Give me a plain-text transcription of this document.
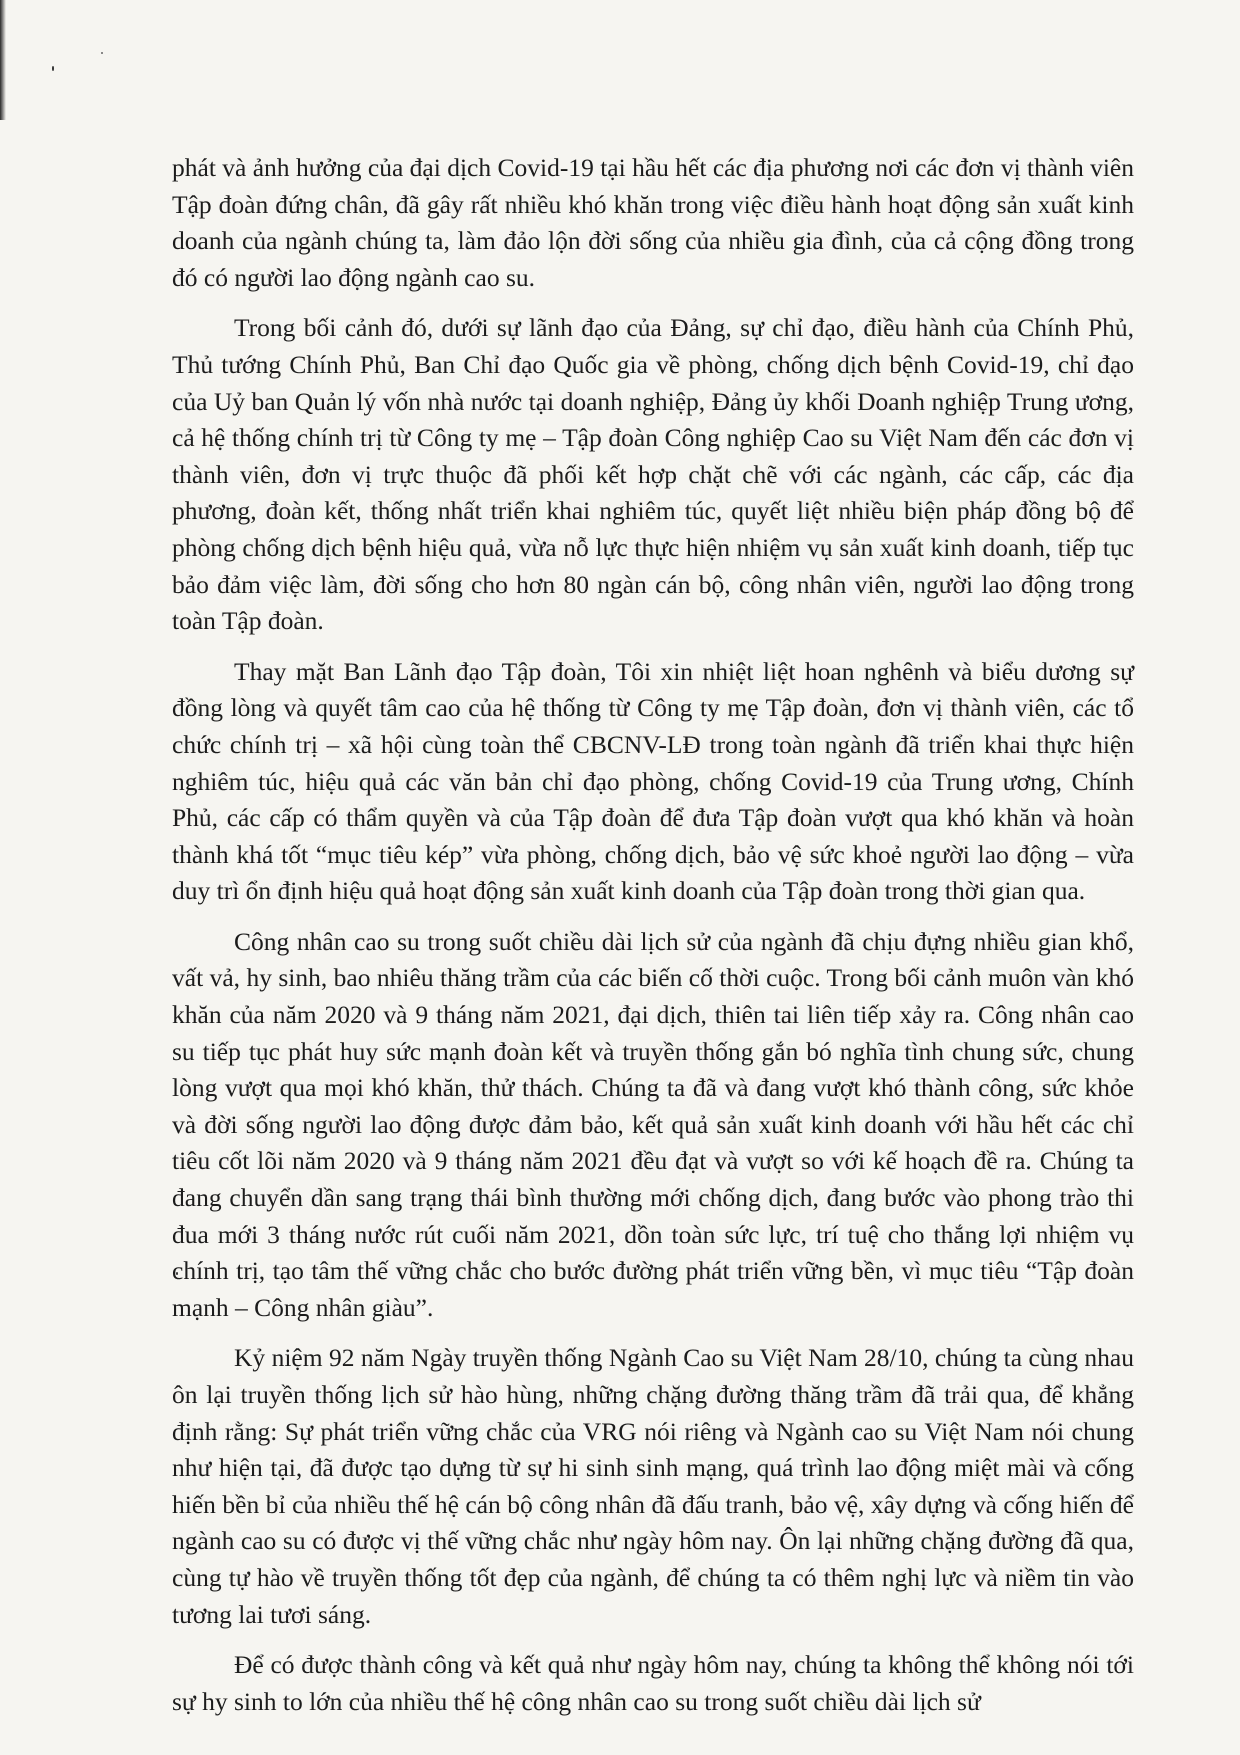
phát và ảnh hưởng của đại dịch Covid-19 tại hầu hết các địa phương nơi các đơn vị thành viên Tập đoàn đứng chân, đã gây rất nhiều khó khăn trong việc điều hành hoạt động sản xuất kinh doanh của ngành chúng ta, làm đảo lộn đời sống của nhiều gia đình, của cả cộng đồng trong đó có người lao động ngành cao su.

Trong bối cảnh đó, dưới sự lãnh đạo của Đảng, sự chỉ đạo, điều hành của Chính Phủ, Thủ tướng Chính Phủ, Ban Chỉ đạo Quốc gia về phòng, chống dịch bệnh Covid-19, chỉ đạo của Uỷ ban Quản lý vốn nhà nước tại doanh nghiệp, Đảng ủy khối Doanh nghiệp Trung ương, cả hệ thống chính trị từ Công ty mẹ – Tập đoàn Công nghiệp Cao su Việt Nam đến các đơn vị thành viên, đơn vị trực thuộc đã phối kết hợp chặt chẽ với các ngành, các cấp, các địa phương, đoàn kết, thống nhất triển khai nghiêm túc, quyết liệt nhiều biện pháp đồng bộ để phòng chống dịch bệnh hiệu quả, vừa nỗ lực thực hiện nhiệm vụ sản xuất kinh doanh, tiếp tục bảo đảm việc làm, đời sống cho hơn 80 ngàn cán bộ, công nhân viên, người lao động trong toàn Tập đoàn.

Thay mặt Ban Lãnh đạo Tập đoàn, Tôi xin nhiệt liệt hoan nghênh và biểu dương sự đồng lòng và quyết tâm cao của hệ thống từ Công ty mẹ Tập đoàn, đơn vị thành viên, các tổ chức chính trị – xã hội cùng toàn thể CBCNV-LĐ trong toàn ngành đã triển khai thực hiện nghiêm túc, hiệu quả các văn bản chỉ đạo phòng, chống Covid-19 của Trung ương, Chính Phủ, các cấp có thẩm quyền và của Tập đoàn để đưa Tập đoàn vượt qua khó khăn và hoàn thành khá tốt “mục tiêu kép” vừa phòng, chống dịch, bảo vệ sức khoẻ người lao động – vừa duy trì ổn định hiệu quả hoạt động sản xuất kinh doanh của Tập đoàn trong thời gian qua.

Công nhân cao su trong suốt chiều dài lịch sử của ngành đã chịu đựng nhiều gian khổ, vất vả, hy sinh, bao nhiêu thăng trầm của các biến cố thời cuộc. Trong bối cảnh muôn vàn khó khăn của năm 2020 và 9 tháng năm 2021, đại dịch, thiên tai liên tiếp xảy ra. Công nhân cao su tiếp tục phát huy sức mạnh đoàn kết và truyền thống gắn bó nghĩa tình chung sức, chung lòng vượt qua mọi khó khăn, thử thách. Chúng ta đã và đang vượt khó thành công, sức khỏe và đời sống người lao động được đảm bảo, kết quả sản xuất kinh doanh với hầu hết các chỉ tiêu cốt lõi năm 2020 và 9 tháng năm 2021 đều đạt và vượt so với kế hoạch đề ra. Chúng ta đang chuyển dần sang trạng thái bình thường mới chống dịch, đang bước vào phong trào thi đua mới 3 tháng nước rút cuối năm 2021, dồn toàn sức lực, trí tuệ cho thắng lợi nhiệm vụ chính trị, tạo tâm thế vững chắc cho bước đường phát triển vững bền, vì mục tiêu “Tập đoàn mạnh – Công nhân giàu”.

Kỷ niệm 92 năm Ngày truyền thống Ngành Cao su Việt Nam 28/10, chúng ta cùng nhau ôn lại truyền thống lịch sử hào hùng, những chặng đường thăng trầm đã trải qua, để khẳng định rằng: Sự phát triển vững chắc của VRG nói riêng và Ngành cao su Việt Nam nói chung như hiện tại, đã được tạo dựng từ sự hi sinh sinh mạng, quá trình lao động miệt mài và cống hiến bền bỉ của nhiều thế hệ cán bộ công nhân đã đấu tranh, bảo vệ, xây dựng và cống hiến để ngành cao su có được vị thế vững chắc như ngày hôm nay. Ôn lại những chặng đường đã qua, cùng tự hào về truyền thống tốt đẹp của ngành, để chúng ta có thêm nghị lực và niềm tin vào tương lai tươi sáng.

Để có được thành công và kết quả như ngày hôm nay, chúng ta không thể không nói tới sự hy sinh to lớn của nhiều thế hệ công nhân cao su trong suốt chiều dài lịch sử
